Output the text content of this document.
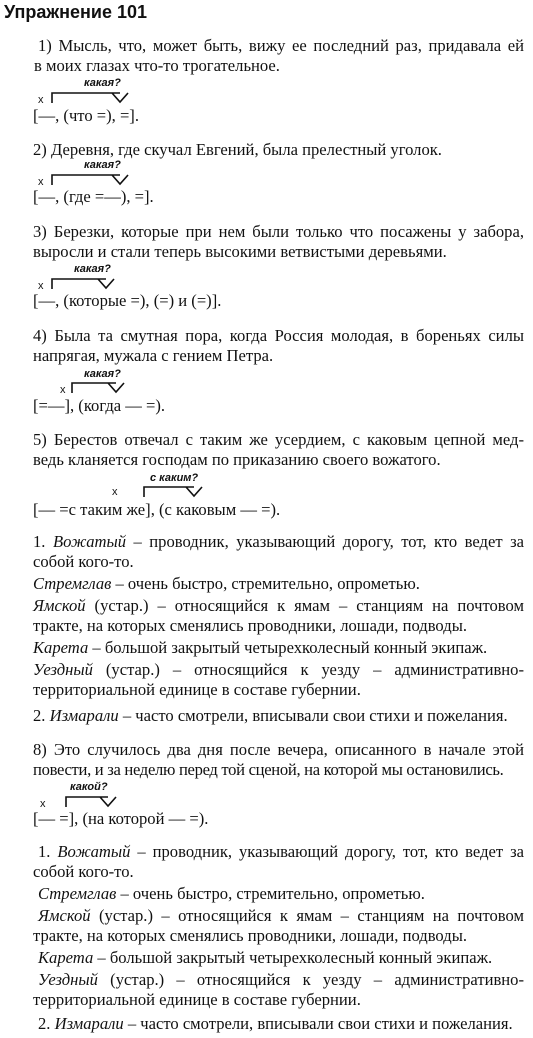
Упражнение 101
1) Мысль, что, может быть, вижу ее последний раз, придавала ей
в моих глазах что-то трогательное.
какая?
x
[—, (что =), =].
2) Деревня, где скучал Евгений, была прелестный уголок.
какая?
x
[—, (где =—), =].
3) Березки, которые при нем были только что посажены у забора,
выросли и стали теперь высокими ветвистыми деревьями.
какая?
x
[—, (которые =), (=) и (=)].
4) Была та смутная пора, когда Россия молодая, в бореньях силы
напрягая, мужала с гением Петра.
какая?
x
[=—], (когда — =).
5) Берестов отвечал с таким же усердием, с каковым цепной мед-
ведь кланяется господам по приказанию своего вожатого.
с каким?
x
[— =с таким же], (с каковым — =).
1. Вожатый – проводник, указывающий дорогу, тот, кто ведет за
собой кого-то.
Стремглав – очень быстро, стремительно, опрометью.
Ямской (устар.) – относящийся к ямам – станциям на почтовом
тракте, на которых сменялись проводники, лошади, подводы.
Карета – большой закрытый четырехколесный конный экипаж.
Уездный (устар.) – относящийся к уезду – административно-
территориальной единице в составе губернии.
2. Измарали – часто смотрели, вписывали свои стихи и пожелания.
8) Это случилось два дня после вечера, описанного в начале этой
повести, и за неделю перед той сценой, на которой мы остановились.
какой?
x
[— =], (на которой — =).
1. Вожатый – проводник, указывающий дорогу, тот, кто ведет за
собой кого-то.
Стремглав – очень быстро, стремительно, опрометью.
Ямской (устар.) – относящийся к ямам – станциям на почтовом
тракте, на которых сменялись проводники, лошади, подводы.
Карета – большой закрытый четырехколесный конный экипаж.
Уездный (устар.) – относящийся к уезду – административно-
территориальной единице в составе губернии.
2. Измарали – часто смотрели, вписывали свои стихи и пожелания.
